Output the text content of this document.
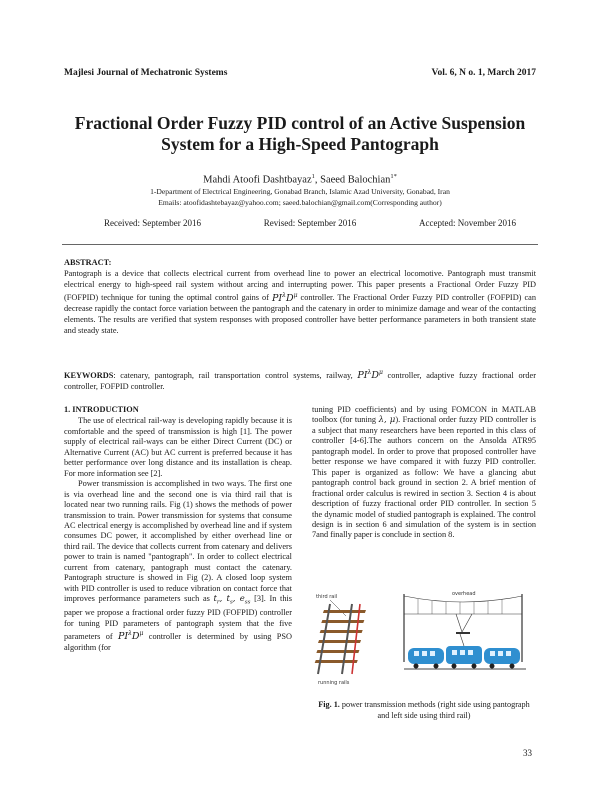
Majlesi Journal of Mechatronic Systems	Vol. 6, N o. 1, March 2017
Fractional Order Fuzzy PID control of an Active Suspension
System for a High-Speed Pantograph
Mahdi Atoofi Dashtbayaz$^1$, Saeed Balochian$^{1*}$
1-Department of Electrical Engineering, Gonabad Branch, Islamic Azad University, Gonabad, Iran
Emails: atoofidashtebayaz@yahoo.com; saeed.balochian@gmail.com(Corresponding author)
Received: September 2016	Revised: September 2016	Accepted: November 2016
ABSTRACT:
Pantograph is a device that collects electrical current from overhead line to power an electrical locomotive. Pantograph must transmit electrical energy to high-speed rail system without arcing and interrupting power. This paper presents a Fractional Order Fuzzy PID (FOFPID) technique for tuning the optimal control gains of $PI^\lambda D^\mu$ controller. The Fractional Order Fuzzy PID controller (FOFPID) can decrease rapidly the contact force variation between the pantograph and the catenary in order to minimize damage and wear of the contacting elements. The results are verified that system responses with proposed controller have better performance parameters in both transient state and steady state.
KEYWORDS: catenary, pantograph, rail transportation control systems, railway, $PI^\lambda D^\mu$ controller, adaptive fuzzy fractional order controller, FOFPID controller.
1. INTRODUCTION

The use of electrical rail-way is developing rapidly because it is comfortable and the speed of transmission is high [1]. The power supply of electrical rail-ways can be either Direct Current (DC) or Alternative Current (AC) but AC current is preferred because it has better performance over long distance and its installation is cheap. For more information see [2].

Power transmission is accomplished in two ways. The first one is via overhead line and the second one is via third rail that is located near two running rails. Fig (1) shows the methods of power transmission to train. Power transmission for systems that consume AC electrical energy is accomplished by overhead line and if system consumes DC power, it accomplished by either overhead line or third rail. The device that collects current from catenary and delivers power to train is named "pantograph". In order to collect electrical current from catenary, pantograph must contact the catenary. Pantograph structure is showed in Fig (2). A closed loop system with PID controller is used to reduce vibration on contact force that improves performance parameters such as $t_r$, $t_s$, $e_{ss}$ [3]. In this paper we propose a fractional order fuzzy PID (FOFPID) controller for tuning PID parameters of pantograph system that the five parameters of $PI^\lambda D^\mu$ controller is determined by using PSO algorithm (for

tuning PID coefficients) and by using FOMCON in MATLAB toolbox (for tuning λ, μ). Fractional order fuzzy PID controller is a subject that many researchers have been reported in this class of controller [4-6].The authors concern on the Ansolda ATR95 pantograph model. In order to prove that proposed controller have better response we have compared it with fuzzy PID controller. This paper is organized as follow: We have a glancing abut pantograph control back ground in section 2. A brief mention of fractional order calculus is rewired in section 3. Section 4 is about description of fuzzy fractional order PID controller. In section 5 the dynamic model of studied pantograph is explained. The control design is in section 6 and simulation of the system is in section 7and finally paper is conclude in section 8.

third rail
running rails
overhead
Fig. 1. power transmission methods (right side using pantograph and left side using third rail)
33
